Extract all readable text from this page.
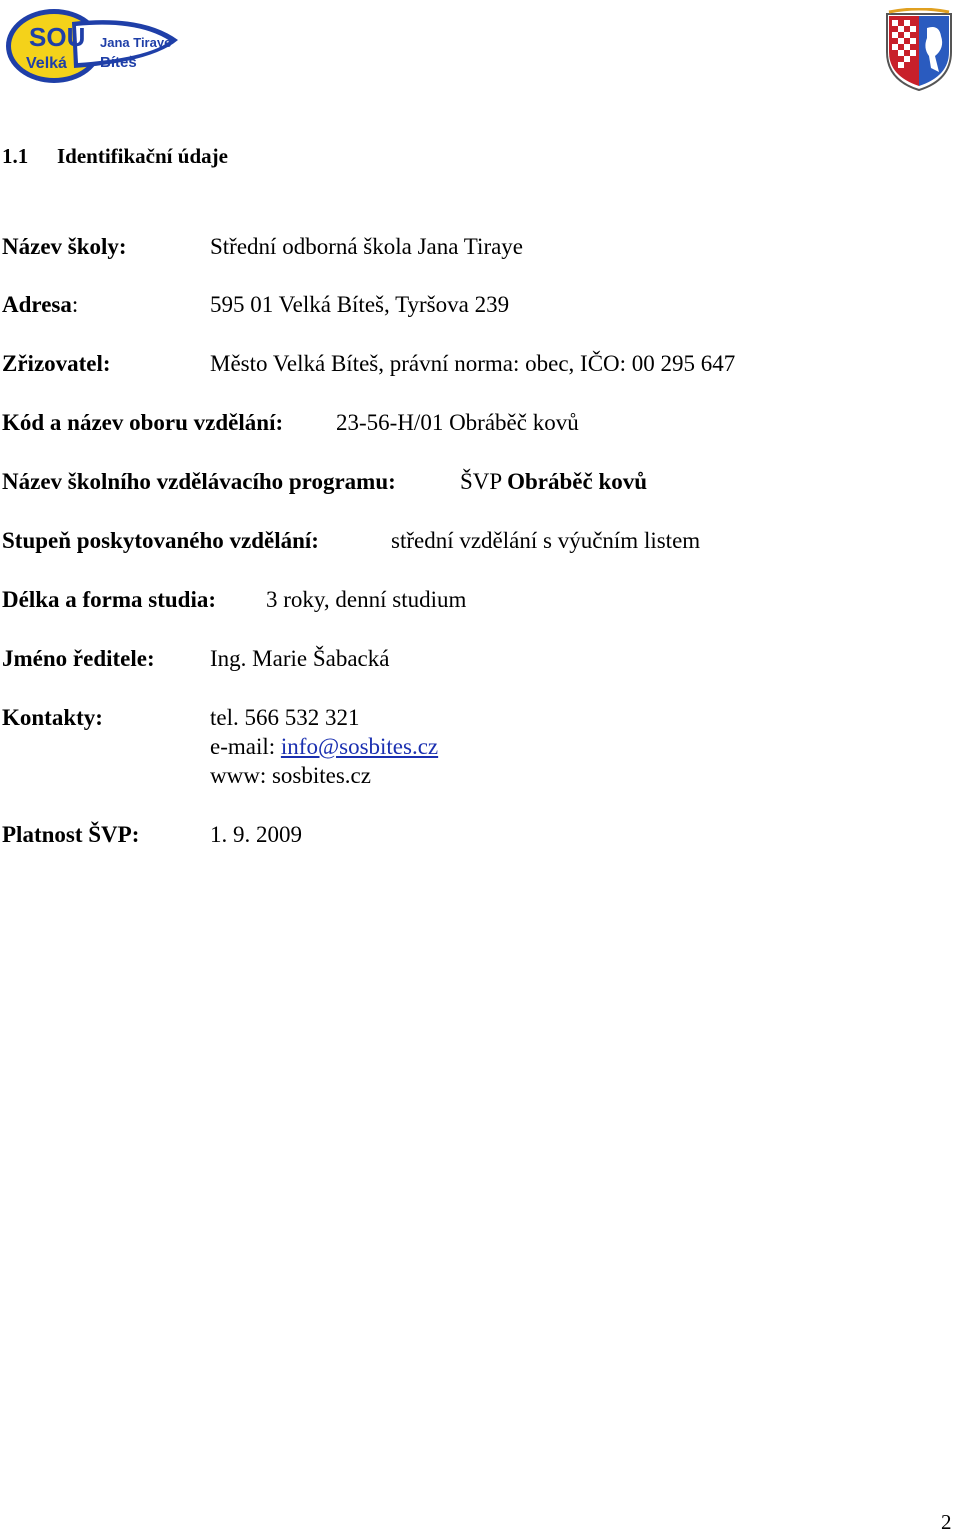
SOU
Velká
Jana Tiraye
Bíteš
1.1 Identifikační údaje
Název školy:	Střední odborná škola Jana Tiraye
Adresa:	595 01 Velká Bíteš, Tyršova 239
Zřizovatel:	Město Velká Bíteš, právní norma: obec, IČO: 00 295 647
Kód a název oboru vzdělání: 23-56-H/01 Obráběč kovů
Název školního vzdělávacího programu:	ŠVP Obráběč kovů
Stupeň poskytovaného vzdělání:	střední vzdělání s výučním listem
Délka a forma studia: 3 roky, denní studium
Jméno ředitele: Ing. Marie Šabacká
Kontakty:	tel. 566 532 321
e-mail: info@sosbites.cz
www: sosbites.cz
Platnost ŠVP:	1. 9. 2009
2
